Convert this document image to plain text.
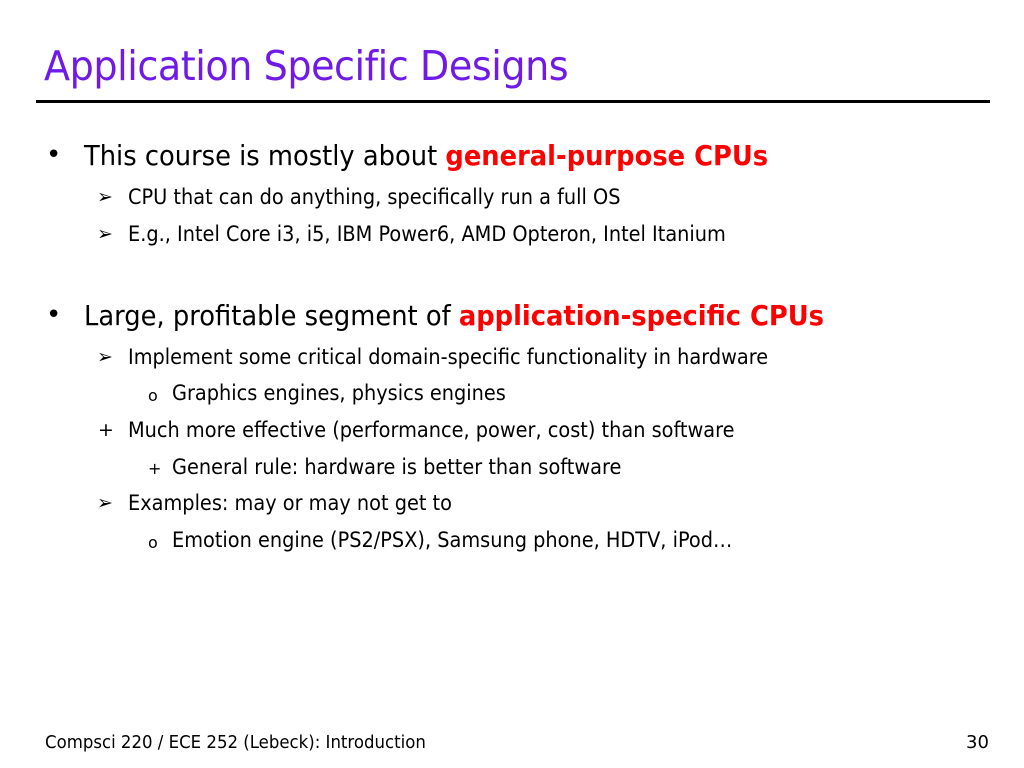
Application Specific Designs
• This course is mostly about general-purpose CPUs
➢ CPU that can do anything, specifically run a full OS
➢ E.g., Intel Core i3, i5, IBM Power6, AMD Opteron, Intel Itanium
• Large, profitable segment of application-specific CPUs
➢ Implement some critical domain-specific functionality in hardware
o Graphics engines, physics engines
+ Much more effective (performance, power, cost) than software
+ General rule: hardware is better than software
➢ Examples: may or may not get to
o Emotion engine (PS2/PSX), Samsung phone, HDTV, iPod…
Compsci 220 / ECE 252 (Lebeck): Introduction	30
